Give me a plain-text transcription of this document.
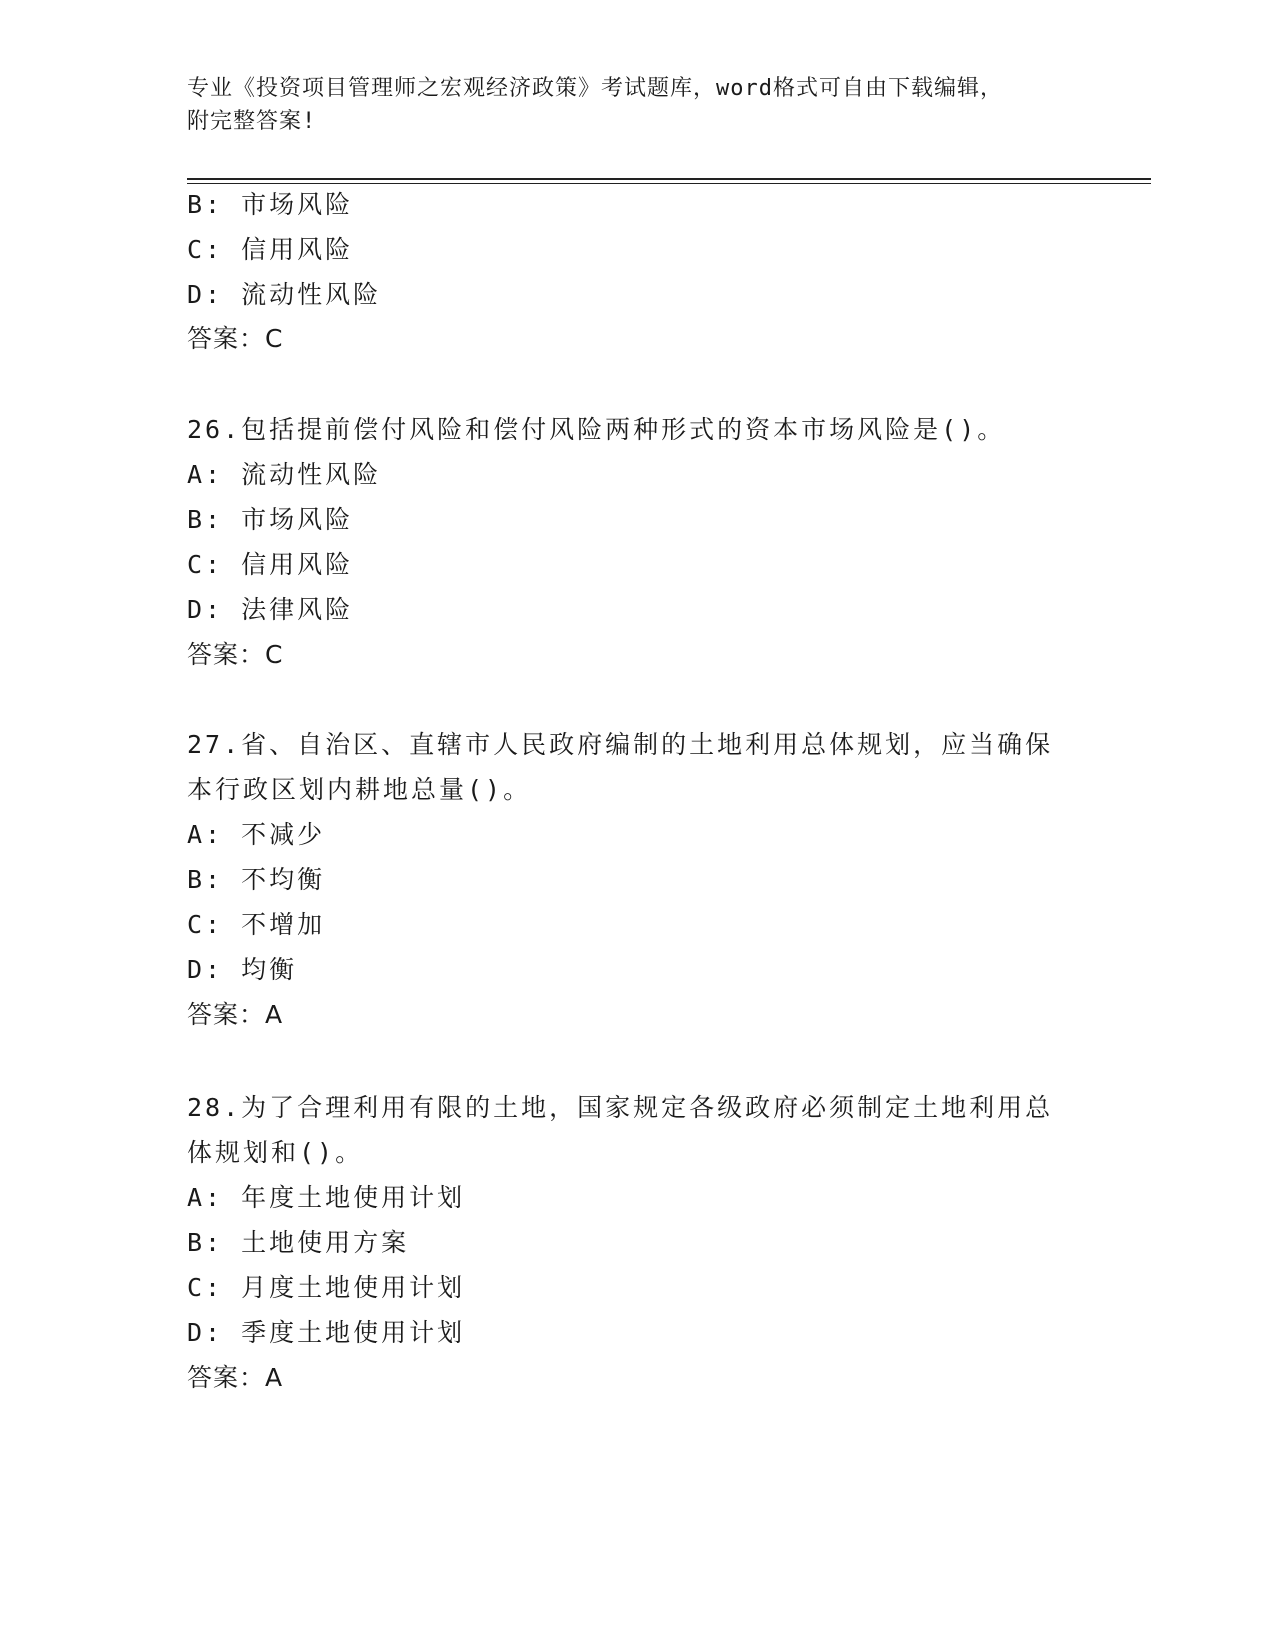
专业《投资项目管理师之宏观经济政策》考试题库，word格式可自由下载编辑，
附完整答案!
B: 市场风险
C: 信用风险
D: 流动性风险
答案：C
26.包括提前偿付风险和偿付风险两种形式的资本市场风险是()。
A: 流动性风险
B: 市场风险
C: 信用风险
D: 法律风险
答案：C
27.省、自治区、直辖市人民政府编制的土地利用总体规划，应当确保
本行政区划内耕地总量()。
A: 不减少
B: 不均衡
C: 不增加
D: 均衡
答案：A
28.为了合理利用有限的土地，国家规定各级政府必须制定土地利用总
体规划和()。
A: 年度土地使用计划
B: 土地使用方案
C: 月度土地使用计划
D: 季度土地使用计划
答案：A
